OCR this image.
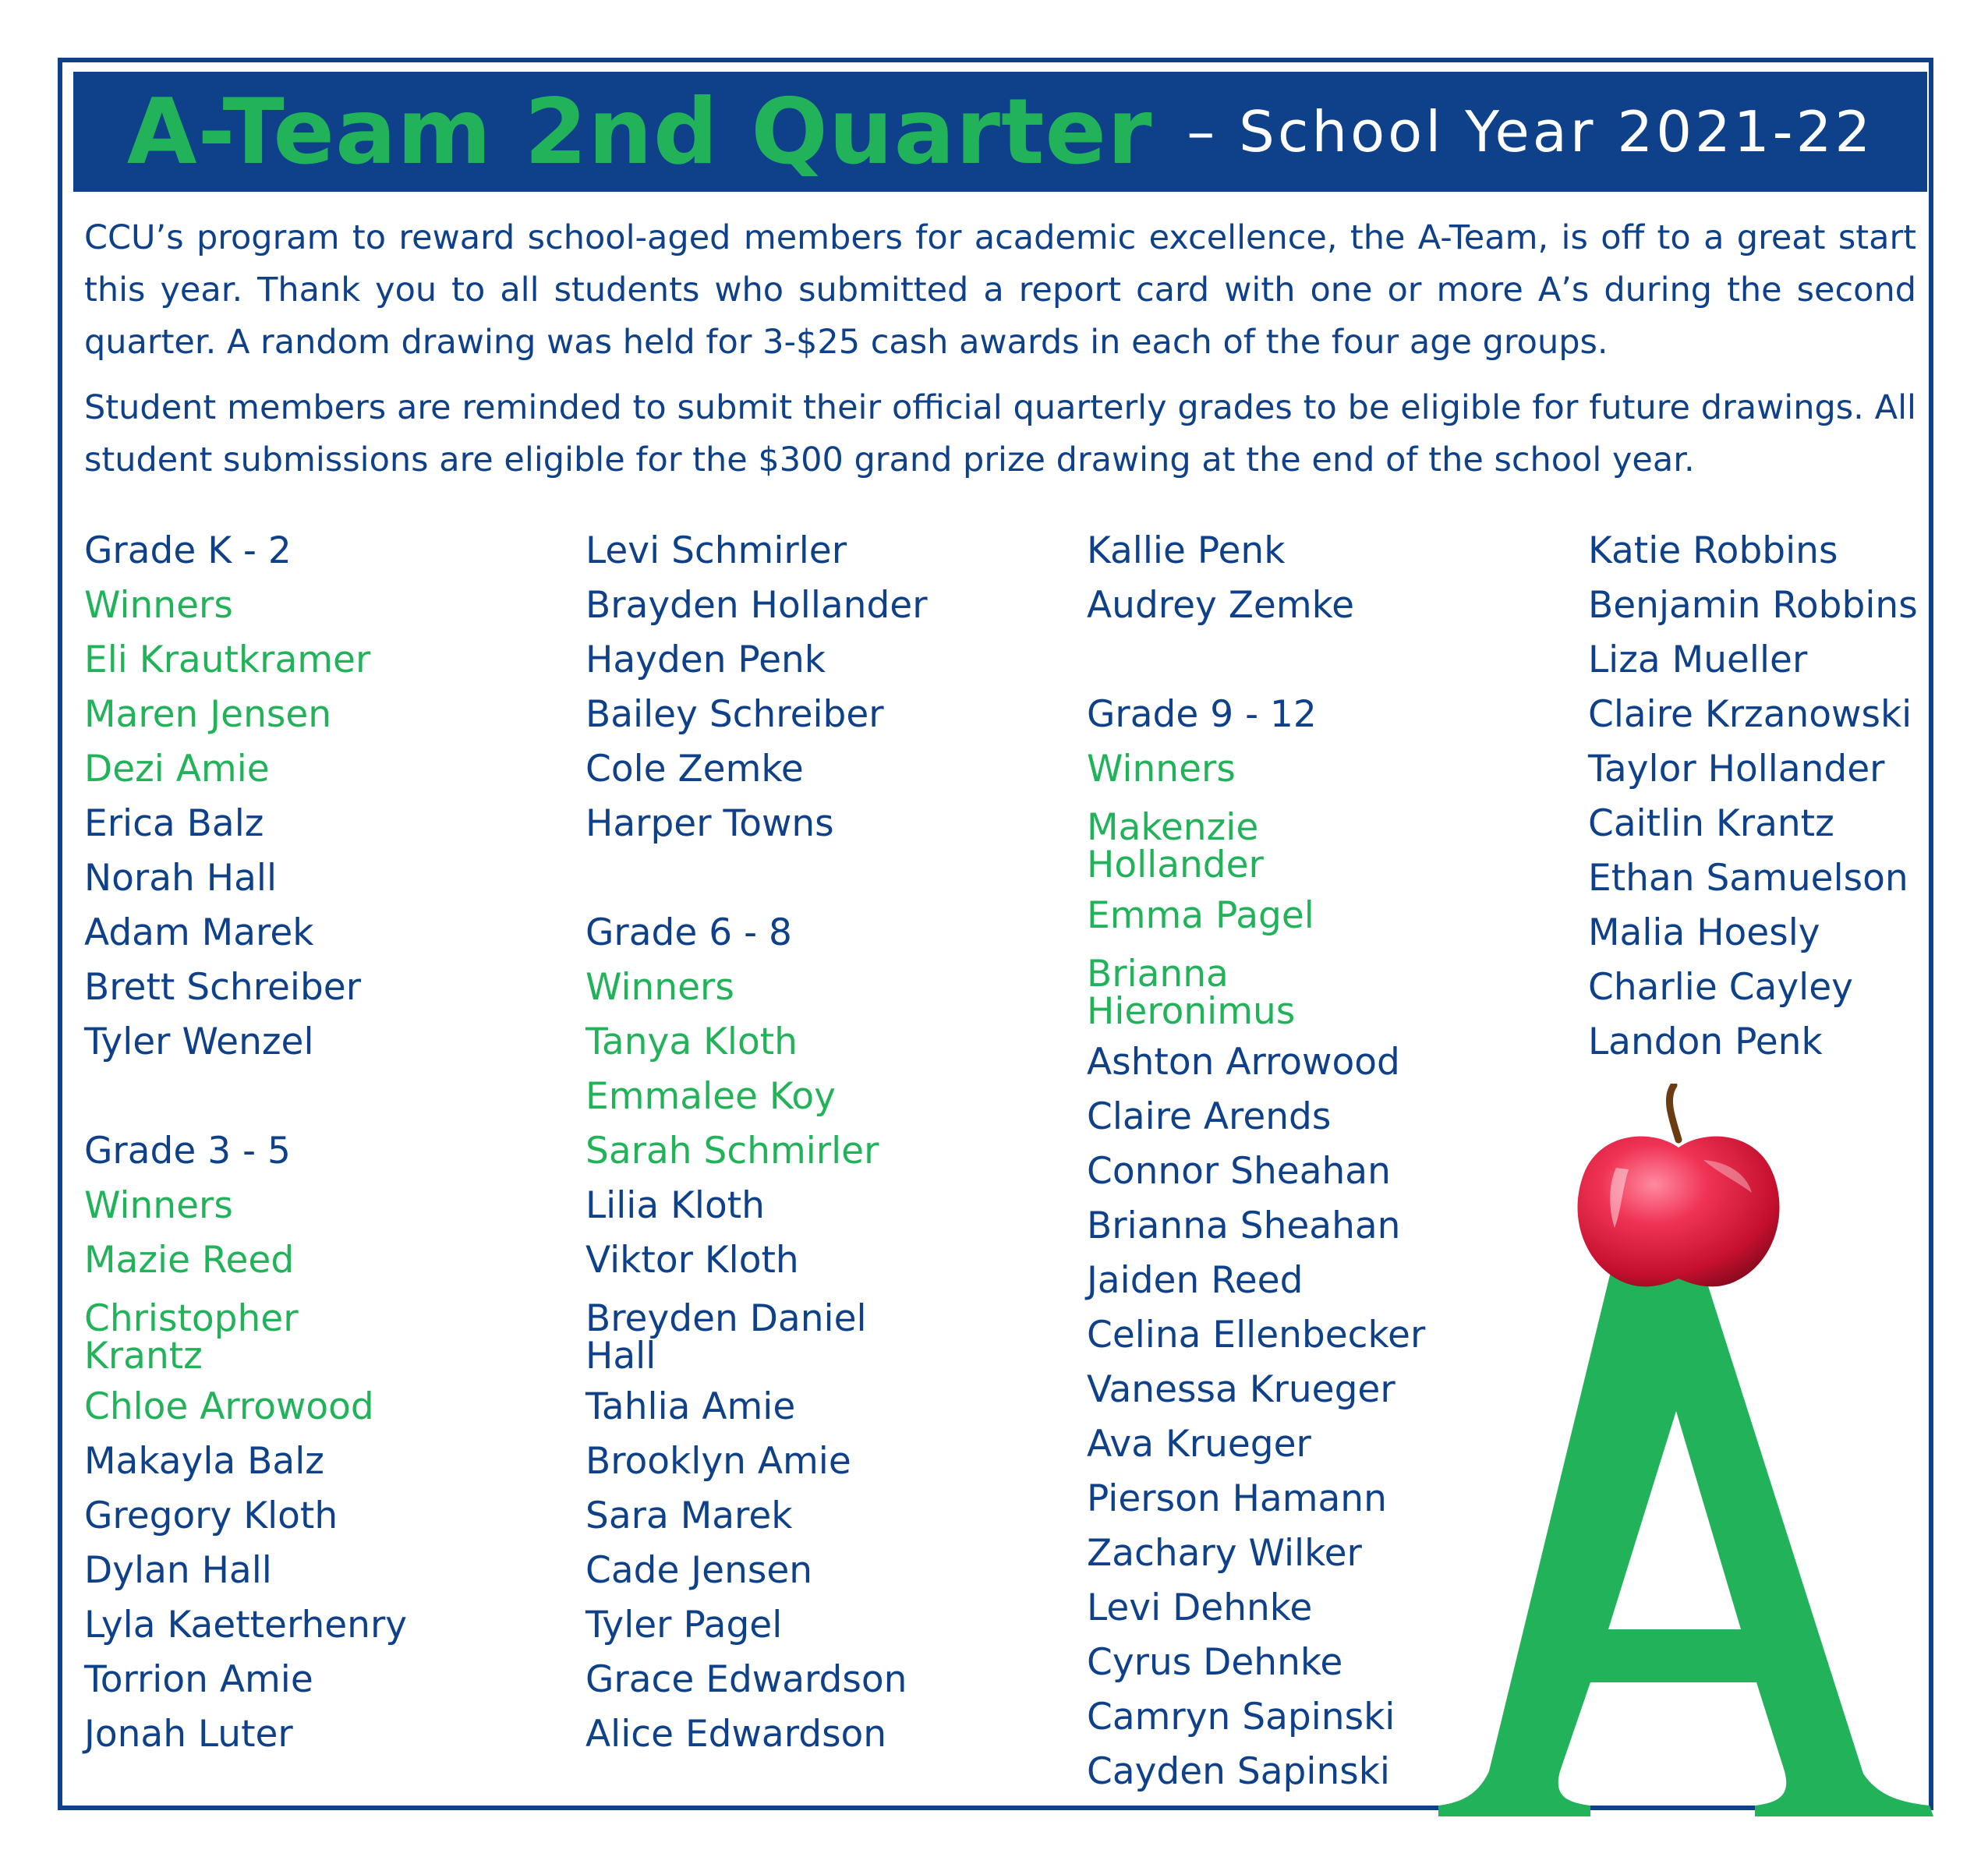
A-Team 2nd Quarter – School Year 2021-22

CCU’s program to reward school-aged members for academic excellence, the A-Team, is off to a great start this year. Thank you to all students who submitted a report card with one or more A’s during the second quarter. A random drawing was held for 3-$25 cash awards in each of the four age groups.

Student members are reminded to submit their official quarterly grades to be eligible for future drawings. All student submissions are eligible for the $300 grand prize drawing at the end of the school year.

Grade K - 2
Winners
Eli Krautkramer
Maren Jensen
Dezi Amie
Erica Balz
Norah Hall
Adam Marek
Brett Schreiber
Tyler Wenzel
Grade 3 - 5
Winners
Mazie Reed
Christopher Krantz
Chloe Arrowood
Makayla Balz
Gregory Kloth
Dylan Hall
Lyla Kaetterhenry
Torrion Amie
Jonah Luter
Levi Schmirler
Brayden Hollander
Hayden Penk
Bailey Schreiber
Cole Zemke
Harper Towns
Grade 6 - 8
Winners
Tanya Kloth
Emmalee Koy
Sarah Schmirler
Lilia Kloth
Viktor Kloth
Breyden Daniel Hall
Tahlia Amie
Brooklyn Amie
Sara Marek
Cade Jensen
Tyler Pagel
Grace Edwardson
Alice Edwardson
Kallie Penk
Audrey Zemke
Grade 9 - 12
Winners
Makenzie Hollander
Emma Pagel
Brianna Hieronimus
Ashton Arrowood
Claire Arends
Connor Sheahan
Brianna Sheahan
Jaiden Reed
Celina Ellenbecker
Vanessa Krueger
Ava Krueger
Pierson Hamann
Zachary Wilker
Levi Dehnke
Cyrus Dehnke
Camryn Sapinski
Cayden Sapinski
Katie Robbins
Benjamin Robbins
Liza Mueller
Claire Krzanowski
Taylor Hollander
Caitlin Krantz
Ethan Samuelson
Malia Hoesly
Charlie Cayley
Landon Penk
